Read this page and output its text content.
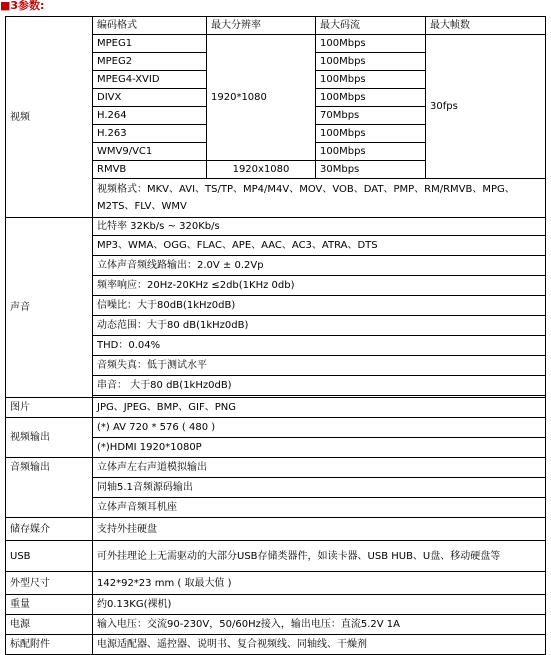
■3参数:
视频	编码格式	最大分辨率	最大码流	最大帧数
	MPEG1	1920*1080	100Mbps	30fps
	MPEG2		100Mbps	
	MPEG4-XVID		100Mbps	
	DIVX		100Mbps	
	H.264		70Mbps	
	H.263		100Mbps	
	WMV9/VC1		100Mbps	
	RMVB	1920x1080	30Mbps	
	视频格式：MKV、AVI、TS/TP、MP4/M4V、MOV、VOB、DAT、PMP、RM/RMVB、MPG、M2TS、FLV、WMV			
声音	比特率 32Kb/s ~ 320Kb/s			
	MP3、WMA、OGG、FLAC、APE、AAC、AC3、ATRA、DTS			
	立体声音频线路输出：2.0V ± 0.2Vp			
	频率响应：20Hz-20KHz ≤2db(1KHz 0db)			
	信噪比：大于80dB(1kHz0dB)			
	动态范围：大于80 dB(1kHz0dB)			
	THD：0.04%			
	音频失真：低于测试水平			
	串音： 大于80 dB(1kHz0dB)			

图片	JPG、JPEG、BMP、GIF、PNG			
视频输出	(*) AV 720 * 576 ( 480 )			
	(*)HDMI 1920*1080P			
音频输出	立体声左右声道模拟输出			
	同轴5.1音频源码输出			
	立体声音频耳机座			
储存媒介	支持外挂硬盘			
USB	可外挂理论上无需驱动的大部分USB存储类器件，如读卡器、USB HUB、U盘、移动硬盘等			
外型尺寸	142*92*23 mm ( 取最大值 )			
重量	约0.13KG(裸机)			
电源	输入电压：交流90-230V，50/60Hz接入，输出电压：直流5.2V 1A			
标配附件	电源适配器、遥控器、说明书、复合视频线、同轴线、干燥剂			
